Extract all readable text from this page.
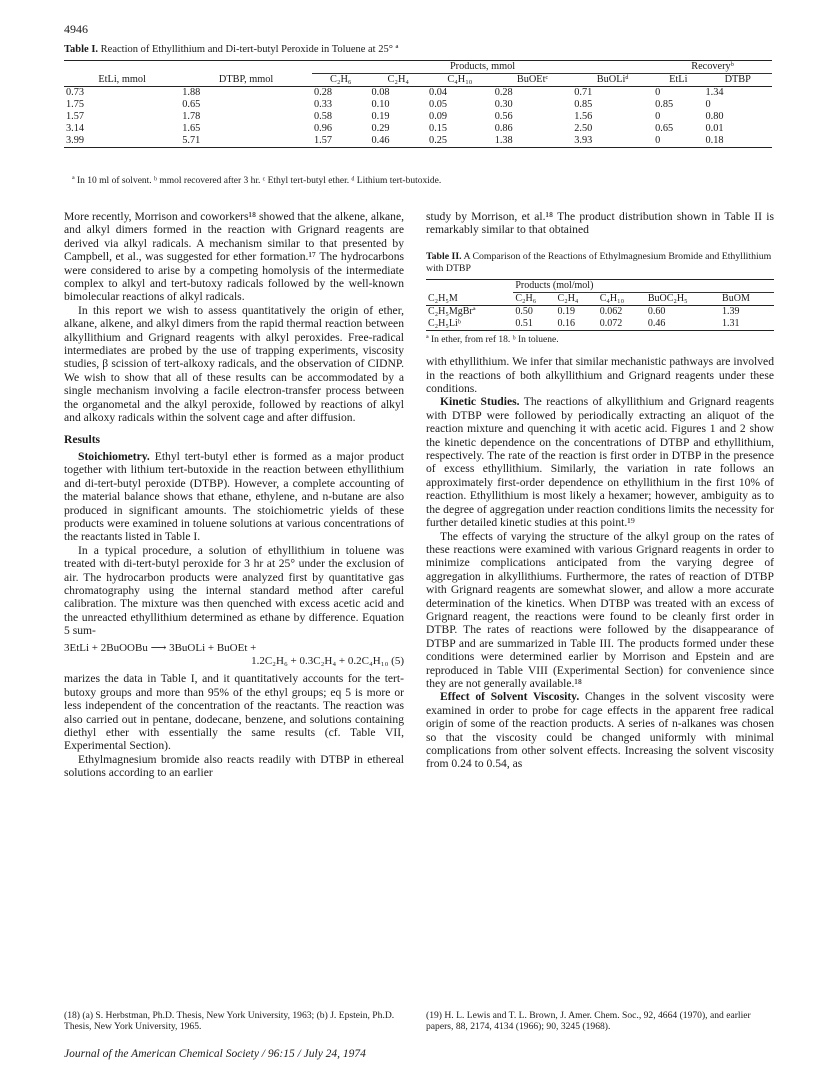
4946
Table I. Reaction of Ethyllithium and Di-tert-butyl Peroxide in Toluene at 25° ª
		Products, mmol					Recoveryᵇ	
EtLi, mmol	DTBP, mmol	C₂H₆	C₂H₄	C₄H₁₀	BuOEtᶜ	BuOLiᵈ	EtLi	DTBP
0.73	1.88	0.28	0.08	0.04	0.28	0.71	0	1.34
1.75	0.65	0.33	0.10	0.05	0.30	0.85	0.85	0
1.57	1.78	0.58	0.19	0.09	0.56	1.56	0	0.80
3.14	1.65	0.96	0.29	0.15	0.86	2.50	0.65	0.01
3.99	5.71	1.57	0.46	0.25	1.38	3.93	0	0.18
ª In 10 ml of solvent. ᵇ mmol recovered after 3 hr. ᶜ Ethyl tert-butyl ether. ᵈ Lithium tert-butoxide.

More recently, Morrison and coworkers¹⁸ showed that the alkene, alkane, and alkyl dimers formed in the reaction with Grignard reagents are derived via alkyl radicals. A mechanism similar to that presented by Campbell, et al., was suggested for ether formation.¹⁷ The hydrocarbons were considered to arise by a competing homolysis of the intermediate complex to alkyl and tert-butoxy radicals followed by the well-known bimolecular reactions of alkyl radicals.

In this report we wish to assess quantitatively the origin of ether, alkane, alkene, and alkyl dimers from the rapid thermal reaction between alkyllithium and Grignard reagents with alkyl peroxides. Free-radical intermediates are probed by the use of trapping experiments, viscosity studies, β scission of tert-alkoxy radicals, and the observation of CIDNP. We wish to show that all of these results can be accommodated by a single mechanism involving a facile electron-transfer process between the organometal and the alkyl peroxide, followed by reactions of alkyl and alkoxy radicals within the solvent cage and after diffusion.

Results

Stoichiometry. Ethyl tert-butyl ether is formed as a major product together with lithium tert-butoxide in the reaction between ethyllithium and di-tert-butyl peroxide (DTBP). However, a complete accounting of the material balance shows that ethane, ethylene, and n-butane are also produced in significant amounts. The stoichiometric yields of these products were examined in toluene solutions at various concentrations of the reactants listed in Table I.

In a typical procedure, a solution of ethyllithium in toluene was treated with di-tert-butyl peroxide for 3 hr at 25° under the exclusion of air. The hydrocarbon products were analyzed first by quantitative gas chromatography using the internal standard method after careful calibration. The mixture was then quenched with excess acetic acid and the unreacted ethyllithium determined as ethane by difference. Equation 5 sum-

3EtLi + 2BuOOBu ⟶ 3BuOLi + BuOEt +
1.2C₂H₆ + 0.3C₂H₄ + 0.2C₄H₁₀ (5)

marizes the data in Table I, and it quantitatively accounts for the tert-butoxy groups and more than 95% of the ethyl groups; eq 5 is more or less independent of the concentration of the reactants. The reaction was also carried out in pentane, dodecane, benzene, and solutions containing diethyl ether with essentially the same results (cf. Table VII, Experimental Section).

Ethylmagnesium bromide also reacts readily with DTBP in ethereal solutions according to an earlier

study by Morrison, et al.¹⁸ The product distribution shown in Table II is remarkably similar to that obtained

Table II. A Comparison of the Reactions of Ethylmagnesium Bromide and Ethyllithium with DTBP
	Products (mol/mol)				
C₂H₅M	C₂H₆	C₂H₄	C₄H₁₀	BuOC₂H₅	BuOM
C₂H₅MgBrª	0.50	0.19	0.062	0.60	1.39
C₂H₅Liᵇ	0.51	0.16	0.072	0.46	1.31
ª In ether, from ref 18. ᵇ In toluene.

with ethyllithium. We infer that similar mechanistic pathways are involved in the reactions of both alkyllithium and Grignard reagents under these conditions.

Kinetic Studies. The reactions of alkyllithium and Grignard reagents with DTBP were followed by periodically extracting an aliquot of the reaction mixture and quenching it with acetic acid. Figures 1 and 2 show the kinetic dependence on the concentrations of DTBP and ethyllithium, respectively. The rate of the reaction is first order in DTBP in the presence of excess ethyllithium. Similarly, the variation in rate follows an approximately first-order dependence on ethyllithium in the first 10% of reaction. Ethyllithium is most likely a hexamer; however, ambiguity as to the degree of aggregation under reaction conditions limits the necessity for further detailed kinetic studies at this point.¹⁹

The effects of varying the structure of the alkyl group on the rates of these reactions were examined with various Grignard reagents in order to minimize complications anticipated from the varying degree of aggregation in alkyllithiums. Furthermore, the rates of reaction of DTBP with Grignard reagents are somewhat slower, and allow a more accurate determination of the kinetics. When DTBP was treated with an excess of Grignard reagent, the reactions were found to be cleanly first order in DTBP. The rates of reactions were followed by the disappearance of DTBP and are summarized in Table III. The products formed under these conditions were determined earlier by Morrison and Epstein and are reproduced in Table VIII (Experimental Section) for convenience since they are not generally available.¹⁸

Effect of Solvent Viscosity. Changes in the solvent viscosity were examined in order to probe for cage effects in the apparent free radical origin of some of the reaction products. A series of n-alkanes was chosen so that the viscosity could be changed uniformly with minimal complications from other solvent effects. Increasing the solvent viscosity from 0.24 to 0.54, as

(18) (a) S. Herbstman, Ph.D. Thesis, New York University, 1963; (b) J. Epstein, Ph.D. Thesis, New York University, 1965.
(19) H. L. Lewis and T. L. Brown, J. Amer. Chem. Soc., 92, 4664 (1970), and earlier papers, 88, 2174, 4134 (1966); 90, 3245 (1968).
Journal of the American Chemical Society / 96:15 / July 24, 1974
